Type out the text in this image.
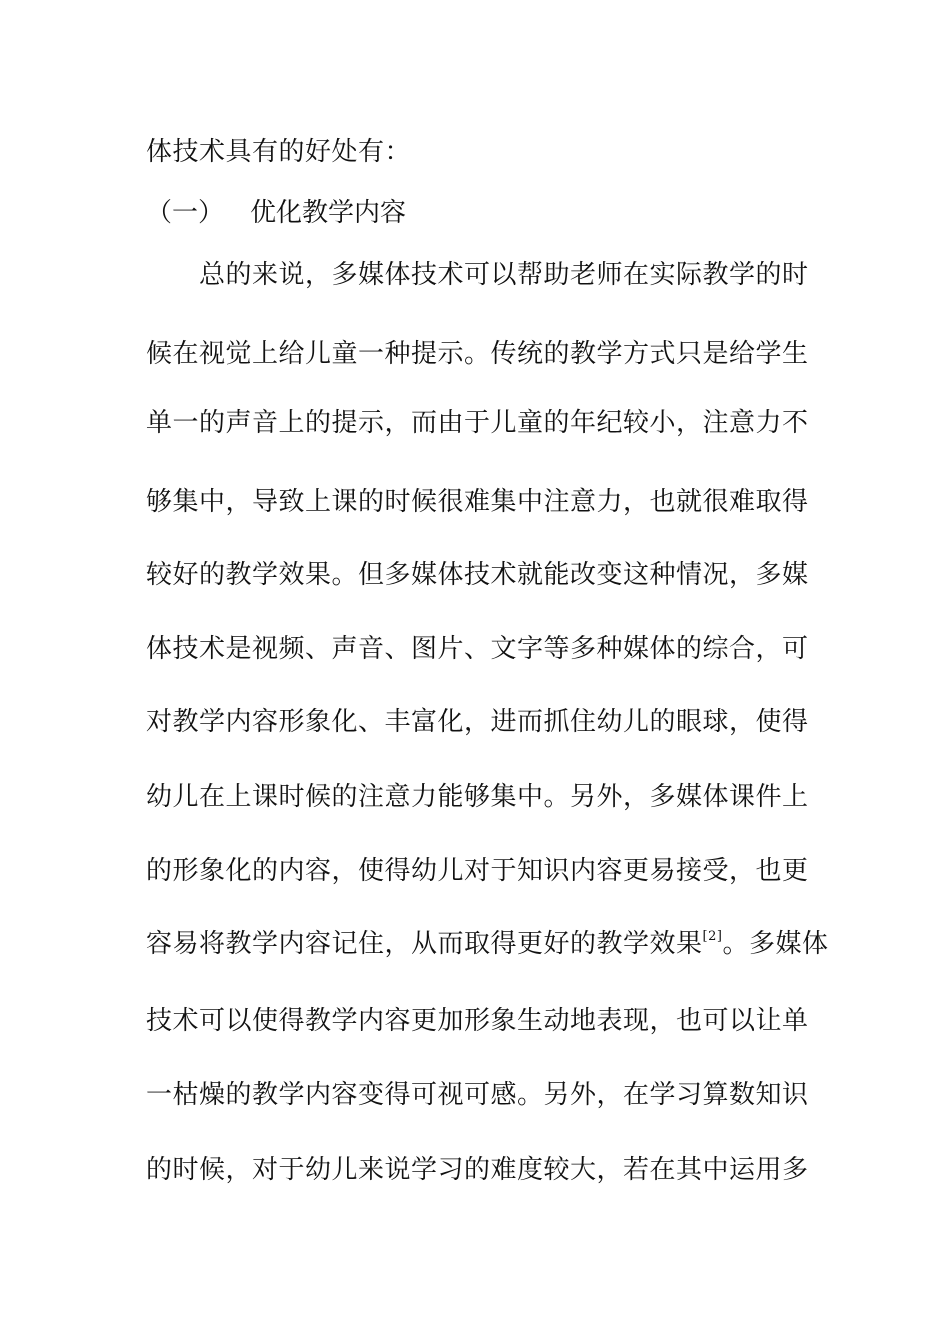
体技术具有的好处有：
（一） 优化教学内容
　　总的来说，多媒体技术可以帮助老师在实际教学的时
候在视觉上给儿童一种提示。传统的教学方式只是给学生
单一的声音上的提示，而由于儿童的年纪较小，注意力不
够集中，导致上课的时候很难集中注意力，也就很难取得
较好的教学效果。但多媒体技术就能改变这种情况，多媒
体技术是视频、声音、图片、文字等多种媒体的综合，可
对教学内容形象化、丰富化，进而抓住幼儿的眼球，使得
幼儿在上课时候的注意力能够集中。另外，多媒体课件上
的形象化的内容，使得幼儿对于知识内容更易接受，也更
容易将教学内容记住，从而取得更好的教学效果[2]。多媒体
技术可以使得教学内容更加形象生动地表现，也可以让单
一枯燥的教学内容变得可视可感。另外，在学习算数知识
的时候，对于幼儿来说学习的难度较大，若在其中运用多
